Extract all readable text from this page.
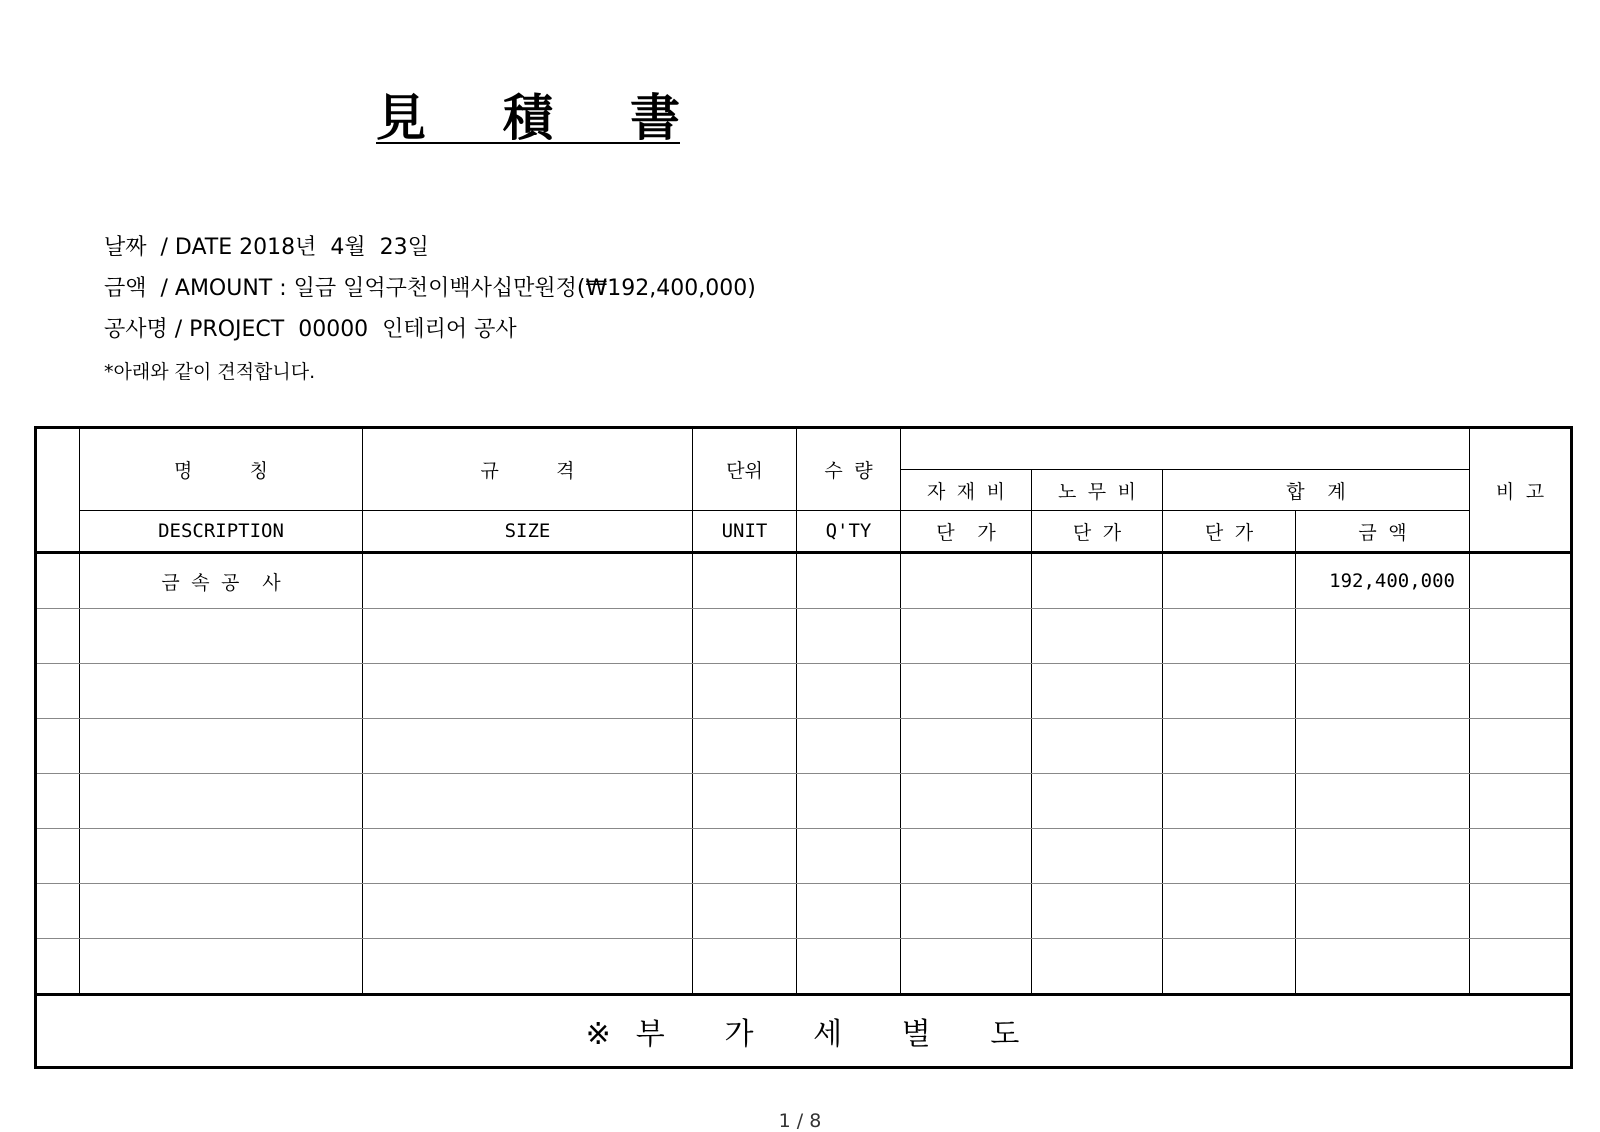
見 積 書
날짜  / DATE 2018년  4월  23일
금액  / AMOUNT : 일금 일억구천이백사십만원정(₩192,400,000)
공사명 / PROJECT  00000  인테리어 공사
*아래와 같이 견적합니다.
	명     칭	규     격	단위	수 량					비 고
					자 재 비	노 무 비	합  계		
	DESCRIPTION	SIZE	UNIT	Q'TY	단  가	단 가	단 가	금 액	
	금 속 공  사							192,400,000	

※  부     가     세     별     도									
1 / 8
